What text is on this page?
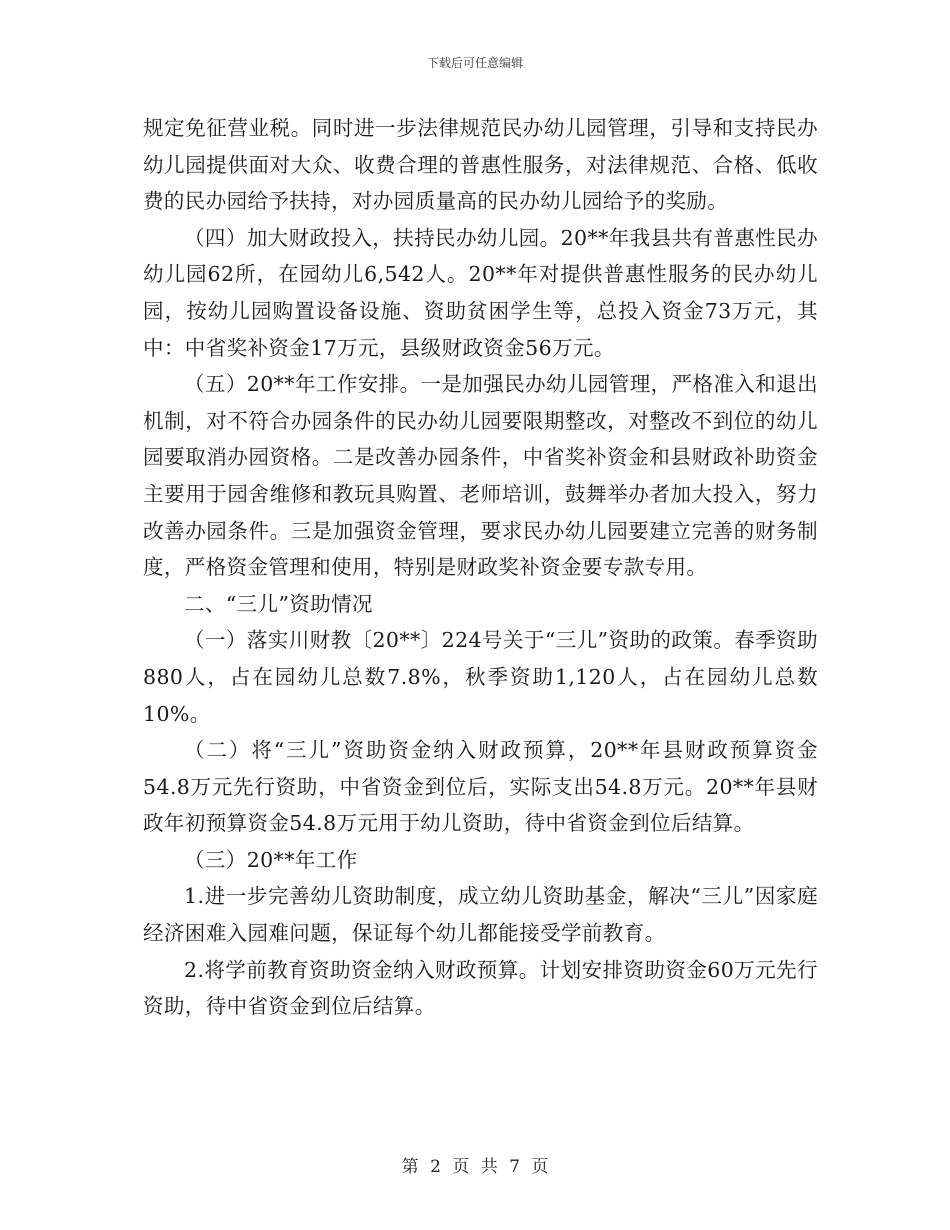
下载后可任意编辑

规定免征营业税。同时进一步法律规范民办幼儿园管理，引导和支持民办幼儿园提供面对大众、收费合理的普惠性服务，对法律规范、合格、低收费的民办园给予扶持，对办园质量高的民办幼儿园给予的奖励。

（四）加大财政投入，扶持民办幼儿园。20**年我县共有普惠性民办幼儿园62所，在园幼儿6,542人。20**年对提供普惠性服务的民办幼儿园，按幼儿园购置设备设施、资助贫困学生等，总投入资金73万元，其中：中省奖补资金17万元，县级财政资金56万元。

（五）20**年工作安排。一是加强民办幼儿园管理，严格准入和退出机制，对不符合办园条件的民办幼儿园要限期整改，对整改不到位的幼儿园要取消办园资格。二是改善办园条件，中省奖补资金和县财政补助资金主要用于园舍维修和教玩具购置、老师培训，鼓舞举办者加大投入，努力改善办园条件。三是加强资金管理，要求民办幼儿园要建立完善的财务制度，严格资金管理和使用，特别是财政奖补资金要专款专用。

二、“三儿”资助情况

（一）落实川财教〔20**〕224号关于“三儿”资助的政策。春季资助880人，占在园幼儿总数7.8%，秋季资助1,120人，占在园幼儿总数10%。

（二）将“三儿”资助资金纳入财政预算，20**年县财政预算资金54.8万元先行资助，中省资金到位后，实际支出54.8万元。20**年县财政年初预算资金54.8万元用于幼儿资助，待中省资金到位后结算。

（三）20**年工作

1.进一步完善幼儿资助制度，成立幼儿资助基金，解决“三儿”因家庭经济困难入园难问题，保证每个幼儿都能接受学前教育。

2.将学前教育资助资金纳入财政预算。计划安排资助资金60万元先行资助，待中省资金到位后结算。

第 2 页 共 7 页
